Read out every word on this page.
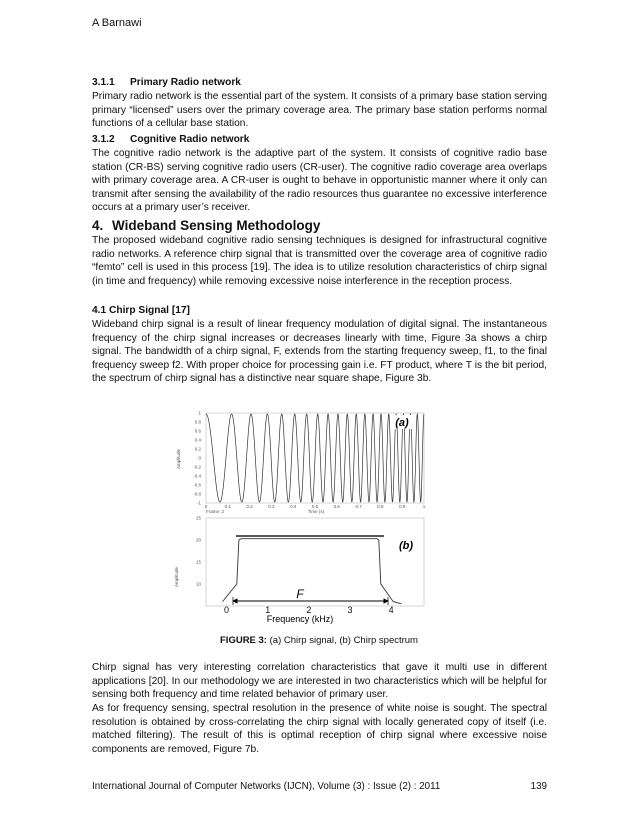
A Barnawi
3.1.1 Primary Radio network
Primary radio network is the essential part of the system. It consists of a primary base station serving primary “licensed” users over the primary coverage area. The primary base station performs normal functions of a cellular base station.
3.1.2 Cognitive Radio network
The cognitive radio network is the adaptive part of the system. It consists of cognitive radio base station (CR-BS) serving cognitive radio users (CR-user). The cognitive radio coverage area overlaps with primary coverage area. A CR-user is ought to behave in opportunistic manner where it only can transmit after sensing the availability of the radio resources thus guarantee no excessive interference occurs at a primary user’s receiver.
4. Wideband Sensing Methodology
The proposed wideband cognitive radio sensing techniques is designed for infrastructural cognitive radio networks. A reference chirp signal that is transmitted over the coverage area of cognitive radio “femto” cell is used in this process [19]. The idea is to utilize resolution characteristics of chirp signal (in time and frequency) while removing excessive noise interference in the reception process.
4.1 Chirp Signal [17]
Wideband chirp signal is a result of linear frequency modulation of digital signal. The instantaneous frequency of the chirp signal increases or decreases linearly with time, Figure 3a shows a chirp signal. The bandwidth of a chirp signal, F, extends from the starting frequency sweep, f1, to the final frequency sweep f2. With proper choice for processing gain i.e. FT product, where T is the bit period, the spectrum of chirp signal has a distinctive near square shape, Figure 3b.
1
0.8
0.6
0.4
0.2
0
-0.2
-0.4
-0.6
-0.8
-1
0	0.1	0.2	0.3	0.4	0.5	0.6	0.7	0.8	0.9	1
Amplitude
Frame: 2	Time (s)
(a)
25
20
15
10
0	1	2	3	4
Amplitude
Frequency (kHz)
(b)
F
FIGURE 3: (a) Chirp signal, (b) Chirp spectrum
Chirp signal has very interesting correlation characteristics that gave it multi use in different applications [20]. In our methodology we are interested in two characteristics which will be helpful for sensing both frequency and time related behavior of primary user.
As for frequency sensing, spectral resolution in the presence of white noise is sought. The spectral resolution is obtained by cross-correlating the chirp signal with locally generated copy of itself (i.e. matched filtering). The result of this is optimal reception of chirp signal where excessive noise components are removed, Figure 7b.
International Journal of Computer Networks (IJCN), Volume (3) : Issue (2) : 2011	139
